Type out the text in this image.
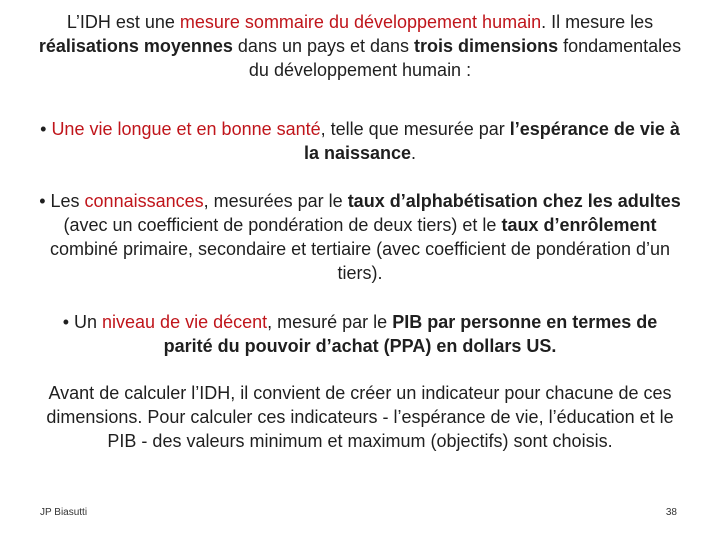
L’IDH est une mesure sommaire du développement humain. Il mesure les réalisations moyennes dans un pays et dans trois dimensions fondamentales du développement humain :

• Une vie longue et en bonne santé, telle que mesurée par l’espérance de vie à la naissance.

• Les connaissances, mesurées par le taux d’alphabétisation chez les adultes (avec un coefficient de pondération de deux tiers) et le taux d’enrôlement combiné primaire, secondaire et tertiaire (avec coefficient de pondération d’un tiers).

• Un niveau de vie décent, mesuré par le PIB par personne en termes de parité du pouvoir d’achat (PPA) en dollars US.

Avant de calculer l’IDH, il convient de créer un indicateur pour chacune de ces dimensions. Pour calculer ces indicateurs - l’espérance de vie, l’éducation et le PIB - des valeurs minimum et maximum (objectifs) sont choisis.

JP Biasutti	38
